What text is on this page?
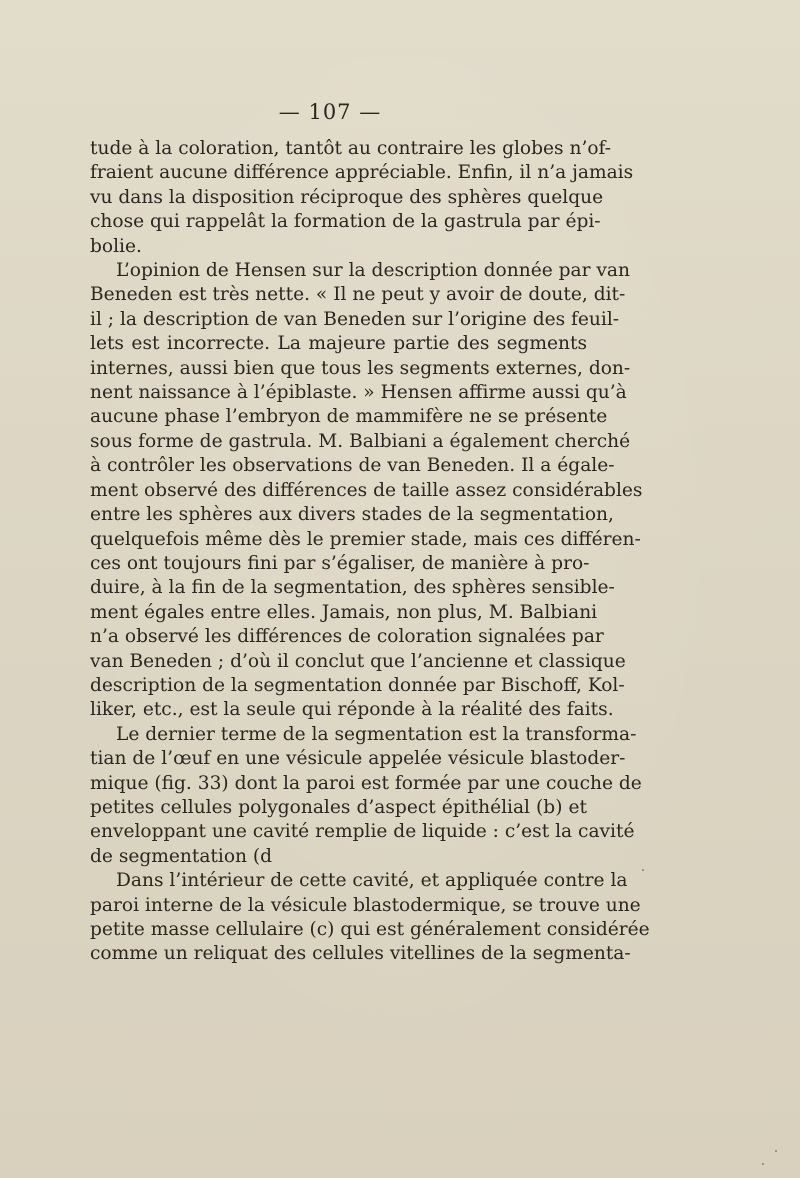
— 107 —
tude à la coloration, tantôt au contraire les globes n’of-
fraient aucune différence appréciable. Enfin, il n’a jamais
vu dans la disposition réciproque des sphères quelque
chose qui rappelât la formation de la gastrula par épi-
bolie.
L’opinion de Hensen sur la description donnée par van
Beneden est très nette. « Il ne peut y avoir de doute, dit-
il ; la description de van Beneden sur l’origine des feuil-
lets est incorrecte. La majeure partie des segments
internes, aussi bien que tous les segments externes, don-
nent naissance à l’épiblaste. » Hensen affirme aussi qu’à
aucune phase l’embryon de mammifère ne se présente
sous forme de gastrula. M. Balbiani a également cherché
à contrôler les observations de van Beneden. Il a égale-
ment observé des différences de taille assez considérables
entre les sphères aux divers stades de la segmentation,
quelquefois même dès le premier stade, mais ces différen-
ces ont toujours fini par s’égaliser, de manière à pro-
duire, à la fin de la segmentation, des sphères sensible-
ment égales entre elles. Jamais, non plus, M. Balbiani
n’a observé les différences de coloration signalées par
van Beneden ; d’où il conclut que l’ancienne et classique
description de la segmentation donnée par Bischoff, Kol-
liker, etc., est la seule qui réponde à la réalité des faits.
Le dernier terme de la segmentation est la transforma-
tian de l’œuf en une vésicule appelée vésicule blastoder-
mique (fig. 33) dont la paroi est formée par une couche de
petites cellules polygonales d’aspect épithélial (b) et
enveloppant une cavité remplie de liquide : c’est la cavité
de segmentation (d
Dans l’intérieur de cette cavité, et appliquée contre la
paroi interne de la vésicule blastodermique, se trouve une
petite masse cellulaire (c) qui est généralement considérée
comme un reliquat des cellules vitellines de la segmenta-
